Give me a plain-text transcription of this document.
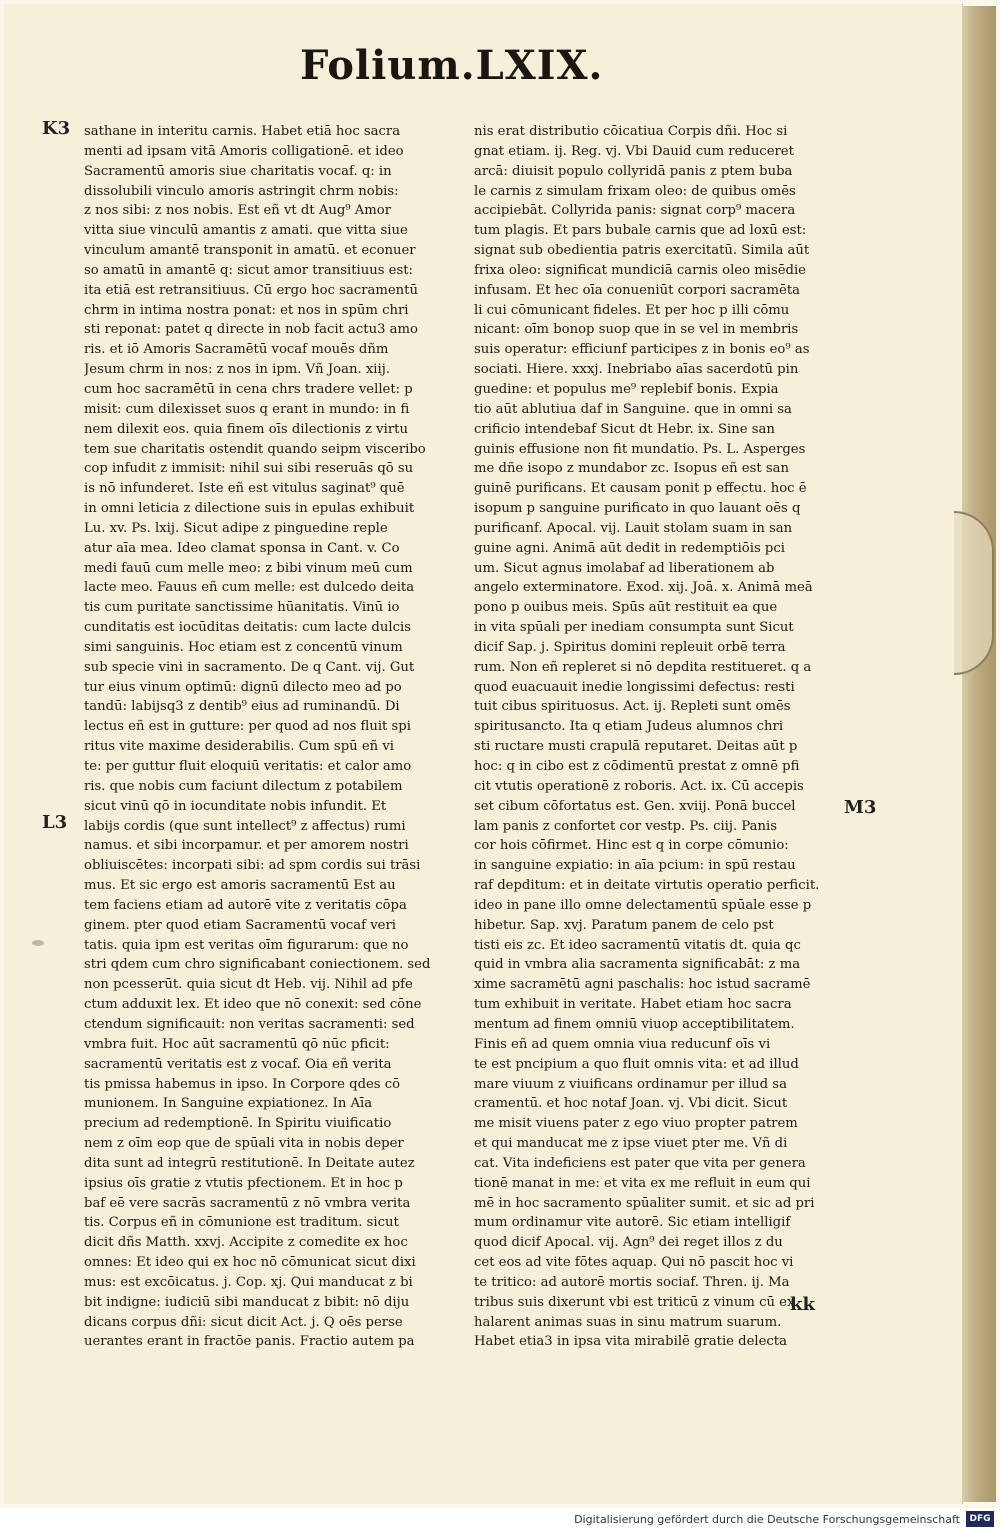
Folium.LXIX.
sathane in interitu carnis. Habet etiā hoc sacra
menti ad ipsam vitā Amoris colligationē. et ideo
Sacramentū amoris siue charitatis vocaf. q: in
dissolubili vinculo amoris astringit chrm nobis:
z nos sibi: z nos nobis. Est eñ vt dt Aug⁹ Amor
vitta siue vinculū amantis z amati. que vitta siue
vinculum amantē transponit in amatū. et econuer
so amatū in amantē q: sicut amor transitiuus est:
ita etiā est retransitiuus. Cū ergo hoc sacramentū
chrm in intima nostra ponat: et nos in spūm chri
sti reponat: patet q directe in nob facit actu3 amo
ris. et iō Amoris Sacramētū vocaf mouēs dñm
Jesum chrm in nos: z nos in ipm. Vñ Joan. xiij.
cum hoc sacramētū in cena chrs tradere vellet: p
misit: cum dilexisset suos q erant in mundo: in fi
nem dilexit eos. quia finem oīs dilectionis z virtu
tem sue charitatis ostendit quando seipm visceribo
cop infudit z immisit: nihil sui sibi reseruās qō su
is nō infunderet. Iste eñ est vitulus saginat⁹ quē
in omni leticia z dilectione suis in epulas exhibuit
Lu. xv. Ps. lxij. Sicut adipe z pinguedine reple
atur aīa mea. Ideo clamat sponsa in Cant. v. Co
medi fauū cum melle meo: z bibi vinum meū cum
lacte meo. Fauus eñ cum melle: est dulcedo deita
tis cum puritate sanctissime hūanitatis. Vinū io
cunditatis est iocūditas deitatis: cum lacte dulcis
simi sanguinis. Hoc etiam est z concentū vinum
sub specie vini in sacramento. De q Cant. vij. Gut
tur eius vinum optimū: dignū dilecto meo ad po
tandū: labijsq3 z dentib⁹ eius ad ruminandū. Di
lectus eñ est in gutture: per quod ad nos fluit spi
ritus vite maxime desiderabilis. Cum spū eñ vi
te: per guttur fluit eloquiū veritatis: et calor amo
ris. que nobis cum faciunt dilectum z potabilem
sicut vinū qō in iocunditate nobis infundit. Et
labijs cordis (que sunt intellect⁹ z affectus) rumi
namus. et sibi incorpamur. et per amorem nostri
obliuiscētes: incorpati sibi: ad spm cordis sui trāsi
mus. Et sic ergo est amoris sacramentū Est au
tem faciens etiam ad autorē vite z veritatis cōpa
ginem. pter quod etiam Sacramentū vocaf veri
tatis. quia ipm est veritas oīm figurarum: que no
stri qdem cum chro significabant coniectionem. sed
non pcesserūt. quia sicut dt Heb. vij. Nihil ad pfe
ctum adduxit lex. Et ideo que nō conexit: sed cōne
ctendum significauit: non veritas sacramenti: sed
vmbra fuit. Hoc aūt sacramentū qō nūc pficit:
sacramentū veritatis est z vocaf. Oia eñ verita
tis pmissa habemus in ipso. In Corpore qdes cō
munionem. In Sanguine expiationez. In Aīa
precium ad redemptionē. In Spiritu viuificatio
nem z oīm eop que de spūali vita in nobis deper
dita sunt ad integrū restitutionē. In Deitate autez
ipsius oīs gratie z vtutis pfectionem. Et in hoc p
baf eē vere sacrās sacramentū z nō vmbra verita
tis. Corpus eñ in cōmunione est traditum. sicut
dicit dñs Matth. xxvj. Accipite z comedite ex hoc
omnes: Et ideo qui ex hoc nō cōmunicat sicut dixi
mus: est excōicatus. j. Cop. xj. Qui manducat z bi
bit indigne: iudiciū sibi manducat z bibit: nō diju
dicans corpus dñi: sicut dicit Act. j. Q oēs perse
uerantes erant in fractōe panis. Fractio autem pa
nis erat distributio cōicatiua Corpis dñi. Hoc si
gnat etiam. ij. Reg. vj. Vbi Dauid cum reduceret
arcā: diuisit populo collyridā panis z ptem buba
le carnis z simulam frixam oleo: de quibus omēs
accipiebāt. Collyrida panis: signat corp⁹ macera
tum plagis. Et pars bubale carnis que ad loxū est:
signat sub obedientia patris exercitatū. Simila aūt
frixa oleo: significat mundiciā carnis oleo misēdie
infusam. Et hec oīa conueniūt corpori sacramēta
li cui cōmunicant fideles. Et per hoc p illi cōmu
nicant: oīm bonop suop que in se vel in membris
suis operatur: efficiunf participes z in bonis eo⁹ as
sociati. Hiere. xxxj. Inebriabo aīas sacerdotū pin
guedine: et populus me⁹ replebif bonis. Expia
tio aūt ablutiua daf in Sanguine. que in omni sa
crificio intendebaf Sicut dt Hebr. ix. Sine san
guinis effusione non fit mundatio. Ps. L. Asperges
me dñe isopo z mundabor zc. Isopus eñ est san
guinē purificans. Et causam ponit p effectu. hoc ē
isopum p sanguine purificato in quo lauant oēs q
purificanf. Apocal. vij. Lauit stolam suam in san
guine agni. Animā aūt dedit in redemptiōis pci
um. Sicut agnus imolabaf ad liberationem ab
angelo exterminatore. Exod. xij. Joā. x. Animā meā
pono p ouibus meis. Spūs aūt restituit ea que
in vita spūali per inediam consumpta sunt Sicut
dicif Sap. j. Spiritus domini repleuit orbē terra
rum. Non eñ repleret si nō depdita restitueret. q a
quod euacuauit inedie longissimi defectus: resti
tuit cibus spirituosus. Act. ij. Repleti sunt omēs
spiritusancto. Ita q etiam Judeus alumnos chri
sti ructare musti crapulā reputaret. Deitas aūt p
hoc: q in cibo est z cōdimentū prestat z omnē pfi
cit vtutis operationē z roboris. Act. ix. Cū accepis
set cibum cōfortatus est. Gen. xviij. Ponā buccel
lam panis z confortet cor vestp. Ps. ciij. Panis
cor hois cōfirmet. Hinc est q in corpe cōmunio:
in sanguine expiatio: in aīa pcium: in spū restau
raf depditum: et in deitate virtutis operatio perficit.
ideo in pane illo omne delectamentū spūale esse p
hibetur. Sap. xvj. Paratum panem de celo pst
tisti eis zc. Et ideo sacramentū vitatis dt. quia qc
quid in vmbra alia sacramenta significabāt: z ma
xime sacramētū agni paschalis: hoc istud sacramē
tum exhibuit in veritate. Habet etiam hoc sacra
mentum ad finem omniū viuop acceptibilitatem.
Finis eñ ad quem omnia viua reducunf oīs vi
te est pncipium a quo fluit omnis vita: et ad illud
mare viuum z viuificans ordinamur per illud sa
cramentū. et hoc notaf Joan. vj. Vbi dicit. Sicut
me misit viuens pater z ego viuo propter patrem
et qui manducat me z ipse viuet pter me. Vñ di
cat. Vita indeficiens est pater que vita per genera
tionē manat in me: et vita ex me refluit in eum qui
mē in hoc sacramento spūaliter sumit. et sic ad pri
mum ordinamur vite autorē. Sic etiam intelligif
quod dicif Apocal. vij. Agn⁹ dei reget illos z du
cet eos ad vite fōtes aquap. Qui nō pascit hoc vi
te tritico: ad autorē mortis sociaf. Thren. ij. Ma
tribus suis dixerunt vbi est triticū z vinum cū ex
halarent animas suas in sinu matrum suarum.
Habet etia3 in ipsa vita mirabilē gratie delecta
K3
L3
kk
M3
Digitalisierung gefördert durch die Deutsche Forschungsgemeinschaft	DFG
